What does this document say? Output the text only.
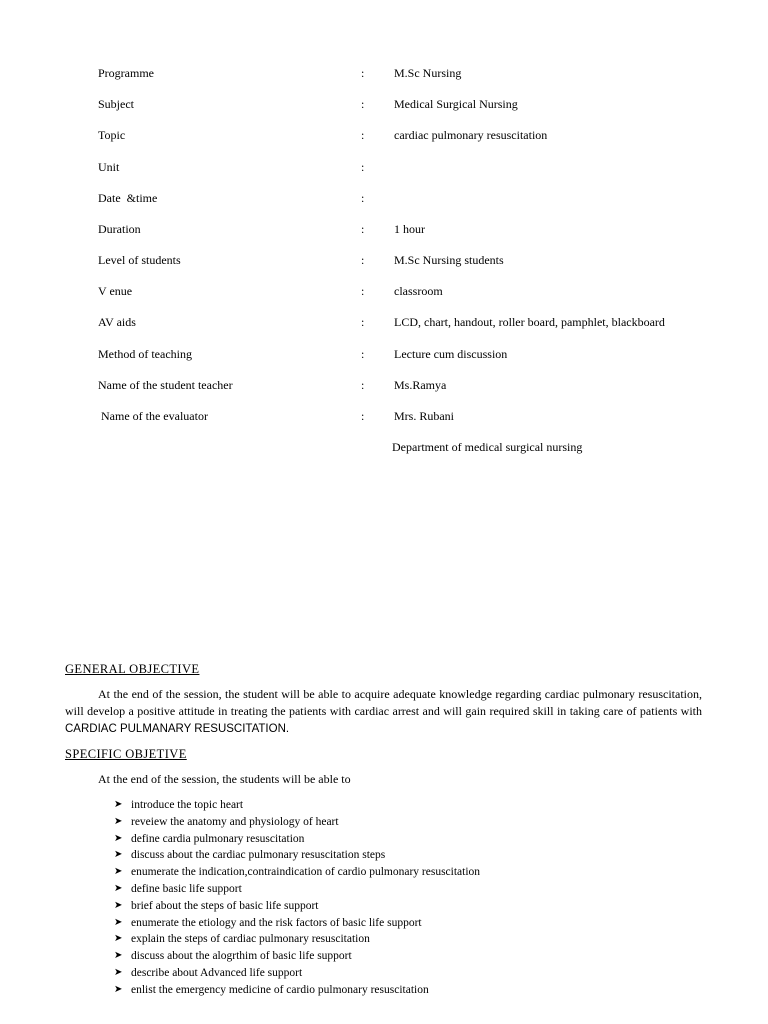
Programme	: M.Sc Nursing
Subject	: Medical Surgical Nursing
Topic	: cardiac pulmonary resuscitation
Unit	:
Date  &time	:
Duration	: 1 hour
Level of students	: M.Sc Nursing students
V enue	: classroom
AV aids	: LCD, chart, handout, roller board, pamphlet, blackboard
Method of teaching	: Lecture cum discussion
Name of the student teacher	: Ms.Ramya
Name of the evaluator	: Mrs. Rubani
Department of medical surgical nursing
GENERAL OBJECTIVE
At the end of the session, the student will be able to acquire adequate knowledge regarding cardiac pulmonary resuscitation, will develop a positive attitude in treating the patients with cardiac arrest and will gain required skill in taking care of patients with CARDIAC PULMANARY RESUSCITATION.
SPECIFIC OBJETIVE
At the end of the session, the students will be able to
➤ introduce the topic heart
➤ reveiew the anatomy and physiology of heart
➤ define cardia pulmonary resuscitation
➤ discuss about the cardiac pulmonary resuscitation steps
➤ enumerate the indication,contraindication of cardio pulmonary resuscitation
➤ define basic life support
➤ brief about the steps of basic life support
➤ enumerate the etiology and the risk factors of basic life support
➤ explain the steps of cardiac pulmonary resuscitation
➤ discuss about the alogrthim of basic life support
➤ describe about Advanced life support
➤ enlist the emergency medicine of cardio pulmonary resuscitation
